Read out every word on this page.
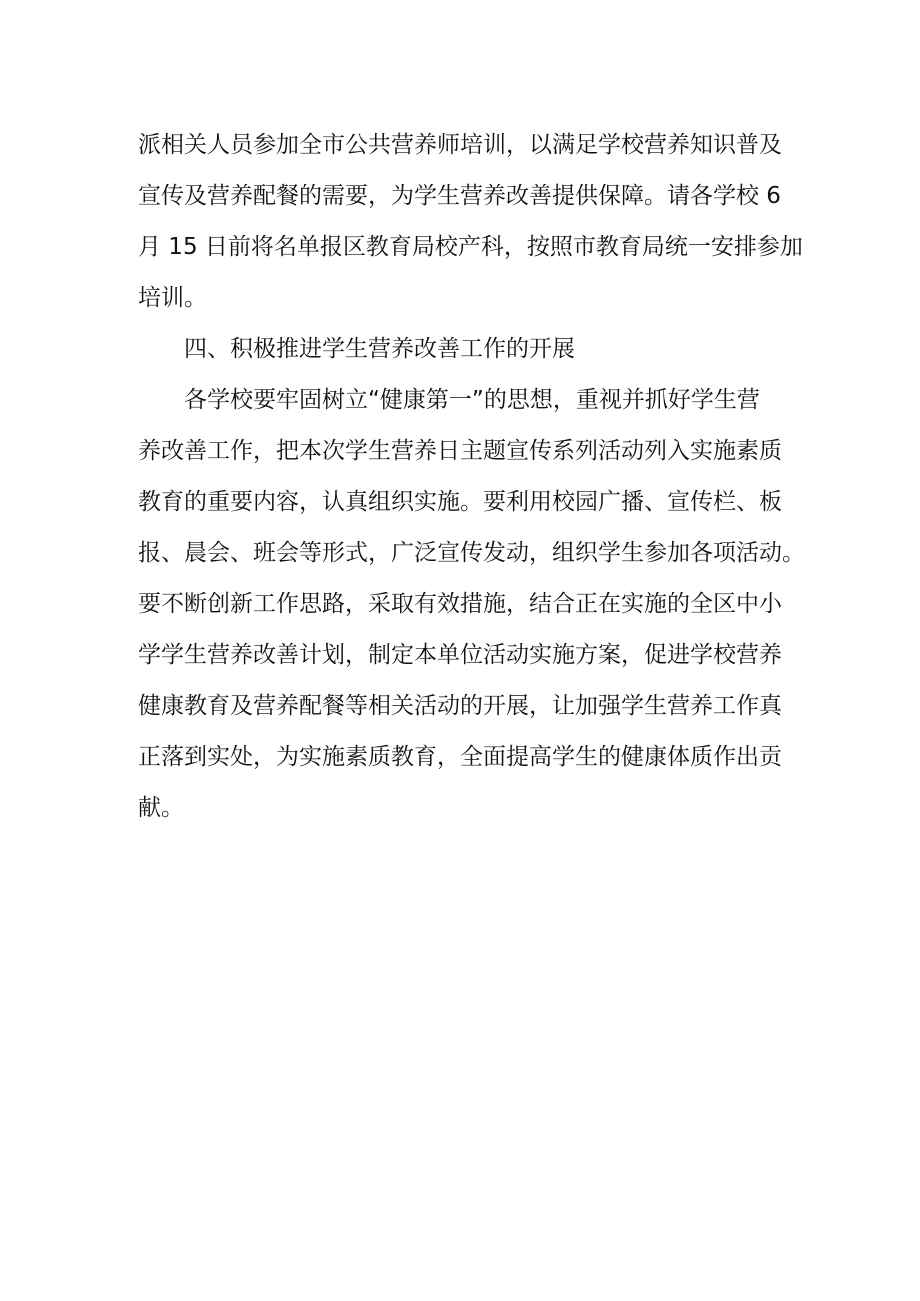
派相关人员参加全市公共营养师培训，以满足学校营养知识普及
宣传及营养配餐的需要，为学生营养改善提供保障。请各学校 6
月 15 日前将名单报区教育局校产科，按照市教育局统一安排参加
培训。

四、积极推进学生营养改善工作的开展

各学校要牢固树立“健康第一”的思想，重视并抓好学生营
养改善工作，把本次学生营养日主题宣传系列活动列入实施素质
教育的重要内容，认真组织实施。要利用校园广播、宣传栏、板
报、晨会、班会等形式，广泛宣传发动，组织学生参加各项活动。
要不断创新工作思路，采取有效措施，结合正在实施的全区中小
学学生营养改善计划，制定本单位活动实施方案，促进学校营养
健康教育及营养配餐等相关活动的开展，让加强学生营养工作真
正落到实处，为实施素质教育，全面提高学生的健康体质作出贡
献。
